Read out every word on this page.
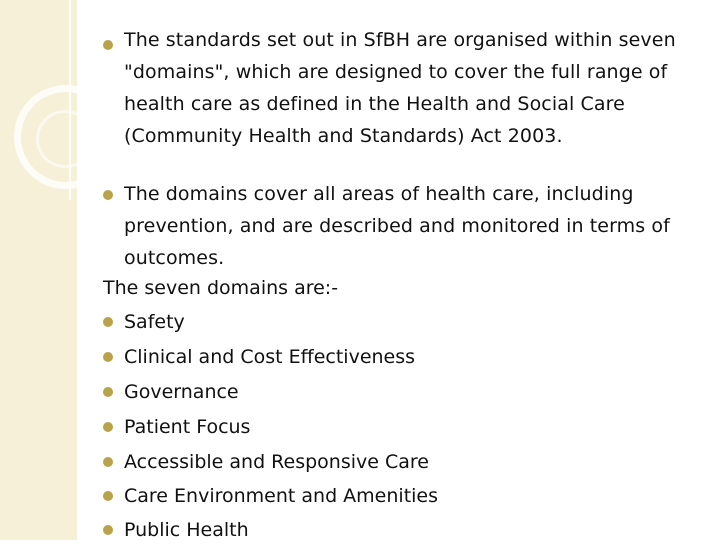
The standards set out in SfBH are organised within seven "domains", which are designed to cover the full range of health care as defined in the Health and Social Care (Community Health and Standards) Act 2003.

The domains cover all areas of health care, including prevention, and are described and monitored in terms of outcomes.

The seven domains are:-

Safety
Clinical and Cost Effectiveness
Governance
Patient Focus
Accessible and Responsive Care
Care Environment and Amenities
Public Health
